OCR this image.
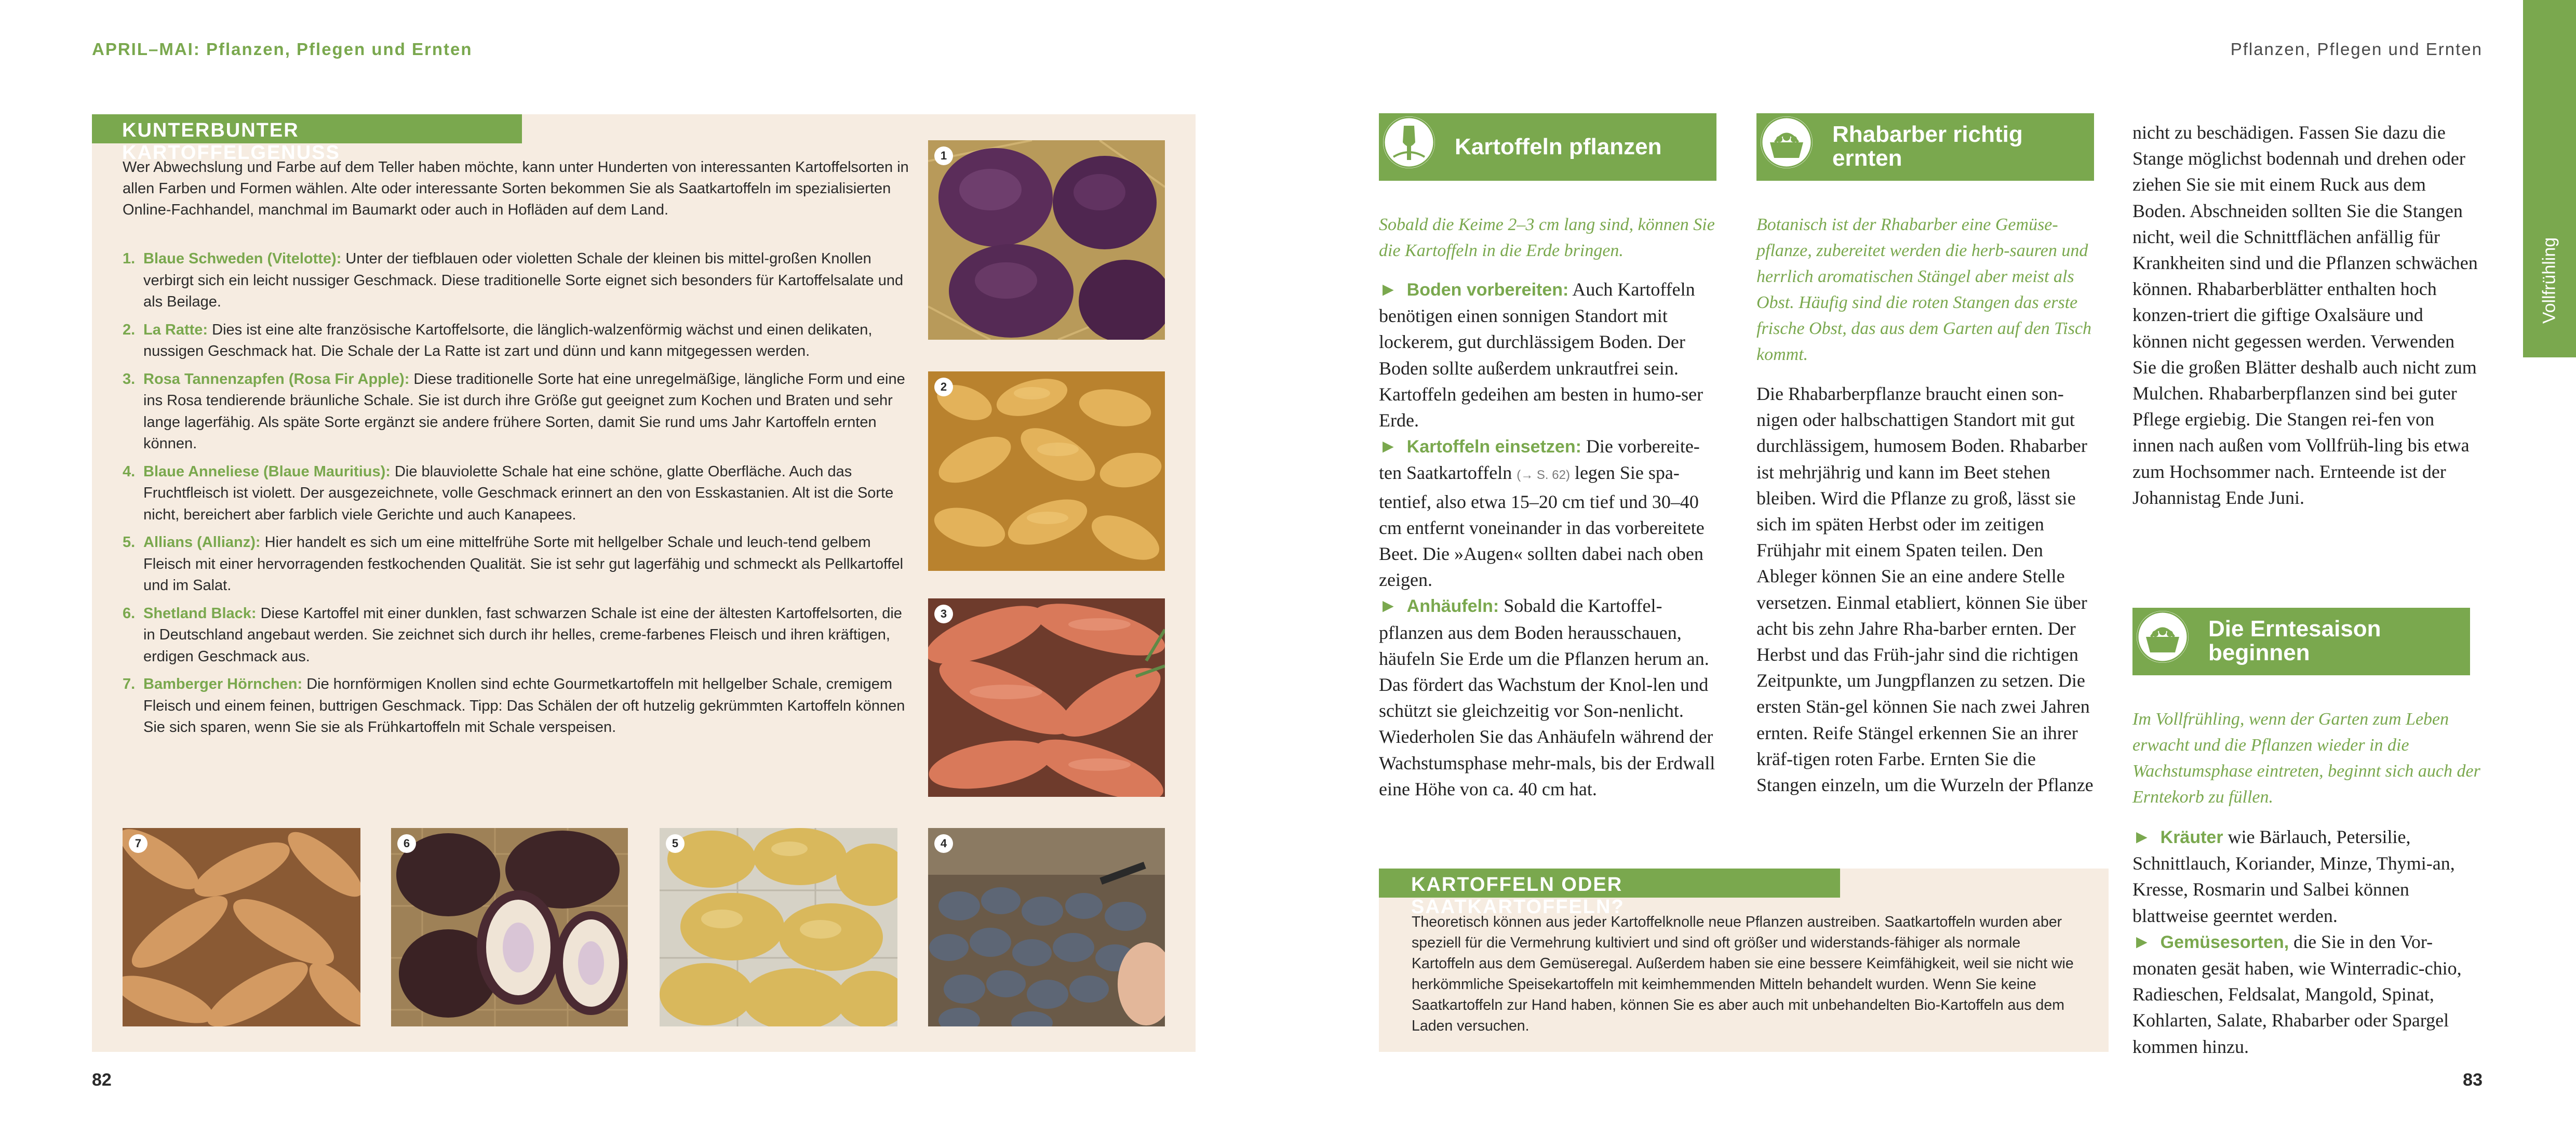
APRIL–MAI: Pflanzen, Pflegen und Ernten	Pflanzen, Pflegen und Ernten
Vollfrühling
KUNTERBUNTER KARTOFFELGENUSS
Wer Abwechslung und Farbe auf dem Teller haben möchte, kann unter Hunderten von interessanten Kartoffelsorten in allen Farben und Formen wählen. Alte oder interessante Sorten bekommen Sie als Saatkartoffeln im spezialisierten Online-Fachhandel, manchmal im Baumarkt oder auch in Hofläden auf dem Land.
1. Blaue Schweden (Vitelotte): Unter der tiefblauen oder violetten Schale der kleinen bis mittel-großen Knollen verbirgt sich ein leicht nussiger Geschmack. Diese traditionelle Sorte eignet sich besonders für Kartoffelsalate und als Beilage.
2. La Ratte: Dies ist eine alte französische Kartoffelsorte, die länglich-walzenförmig wächst und einen delikaten, nussigen Geschmack hat. Die Schale der La Ratte ist zart und dünn und kann mitgegessen werden.
3. Rosa Tannenzapfen (Rosa Fir Apple): Diese traditionelle Sorte hat eine unregelmäßige, längliche Form und eine ins Rosa tendierende bräunliche Schale. Sie ist durch ihre Größe gut geeignet zum Kochen und Braten und sehr lange lagerfähig. Als späte Sorte ergänzt sie andere frühere Sorten, damit Sie rund ums Jahr Kartoffeln ernten können.
4. Blaue Anneliese (Blaue Mauritius): Die blauviolette Schale hat eine schöne, glatte Oberfläche. Auch das Fruchtfleisch ist violett. Der ausgezeichnete, volle Geschmack erinnert an den von Esskastanien. Alt ist die Sorte nicht, bereichert aber farblich viele Gerichte und auch Kanapees.
5. Allians (Allianz): Hier handelt es sich um eine mittelfrühe Sorte mit hellgelber Schale und leuch-tend gelbem Fleisch mit einer hervorragenden festkochenden Qualität. Sie ist sehr gut lagerfähig und schmeckt als Pellkartoffel und im Salat.
6. Shetland Black: Diese Kartoffel mit einer dunklen, fast schwarzen Schale ist eine der ältesten Kartoffelsorten, die in Deutschland angebaut werden. Sie zeichnet sich durch ihr helles, creme-farbenes Fleisch und ihren kräftigen, erdigen Geschmack aus.
7. Bamberger Hörnchen: Die hornförmigen Knollen sind echte Gourmetkartoffeln mit hellgelber Schale, cremigem Fleisch und einem feinen, buttrigen Geschmack. Tipp: Das Schälen der oft hutzelig gekrümmten Kartoffeln können Sie sich sparen, wenn Sie sie als Frühkartoffeln mit Schale verspeisen.
1
2
3
7	6	5	4
82	83
Kartoffeln pflanzen
Sobald die Keime 2–3 cm lang sind, können Sie die Kartoffeln in die Erde bringen.

► Boden vorbereiten: Auch Kartoffeln benötigen einen sonnigen Standort mit lockerem, gut durchlässigem Boden. Der Boden sollte außerdem unkrautfrei sein. Kartoffeln gedeihen am besten in humo-ser Erde.

► Kartoffeln einsetzen: Die vorbereite-ten Saatkartoffeln (→ S. 62) legen Sie spa-tentief, also etwa 15–20 cm tief und 30–40 cm entfernt voneinander in das vorbereitete Beet. Die »Augen« sollten dabei nach oben zeigen.

► Anhäufeln: Sobald die Kartoffel-pflanzen aus dem Boden herausschauen, häufeln Sie Erde um die Pflanzen herum an. Das fördert das Wachstum der Knol-len und schützt sie gleichzeitig vor Son-nenlicht. Wiederholen Sie das Anhäufeln während der Wachstumsphase mehr-mals, bis der Erdwall eine Höhe von ca. 40 cm hat.

Rhabarber richtig
ernten
Botanisch ist der Rhabarber eine Gemüse-pflanze, zubereitet werden die herb-sauren und herrlich aromatischen Stängel aber meist als Obst. Häufig sind die roten Stangen das erste frische Obst, das aus dem Garten auf den Tisch kommt.
Die Rhabarberpflanze braucht einen son-nigen oder halbschattigen Standort mit gut durchlässigem, humosem Boden. Rhabarber ist mehrjährig und kann im Beet stehen bleiben. Wird die Pflanze zu groß, lässt sie sich im späten Herbst oder im zeitigen Frühjahr mit einem Spaten teilen. Den Ableger können Sie an eine andere Stelle versetzen. Einmal etabliert, können Sie über acht bis zehn Jahre Rha-barber ernten. Der Herbst und das Früh-jahr sind die richtigen Zeitpunkte, um Jungpflanzen zu setzen. Die ersten Stän-gel können Sie nach zwei Jahren ernten. Reife Stängel erkennen Sie an ihrer kräf-tigen roten Farbe. Ernten Sie die Stangen einzeln, um die Wurzeln der Pflanze
nicht zu beschädigen. Fassen Sie dazu die Stange möglichst bodennah und drehen oder ziehen Sie sie mit einem Ruck aus dem Boden. Abschneiden sollten Sie die Stangen nicht, weil die Schnittflächen anfällig für Krankheiten sind und die Pflanzen schwächen können. Rhabarberblätter enthalten hoch konzen-triert die giftige Oxalsäure und können nicht gegessen werden. Verwenden Sie die großen Blätter deshalb auch nicht zum Mulchen. Rhabarberpflanzen sind bei guter Pflege ergiebig. Die Stangen rei-fen von innen nach außen vom Vollfrüh-ling bis etwa zum Hochsommer nach. Ernteende ist der Johannistag Ende Juni.
Die Erntesaison
beginnen
Im Vollfrühling, wenn der Garten zum Leben erwacht und die Pflanzen wieder in die Wachstumsphase eintreten, beginnt sich auch der Erntekorb zu füllen.

► Kräuter wie Bärlauch, Petersilie, Schnittlauch, Koriander, Minze, Thymi-an, Kresse, Rosmarin und Salbei können blattweise geerntet werden.

► Gemüsesorten, die Sie in den Vor-monaten gesät haben, wie Winterradic-chio, Radieschen, Feldsalat, Mangold, Spinat, Kohlarten, Salate, Rhabarber oder Spargel kommen hinzu.

KARTOFFELN ODER SAATKARTOFFELN?
Theoretisch können aus jeder Kartoffelknolle neue Pflanzen austreiben. Saatkartoffeln wurden aber speziell für die Vermehrung kultiviert und sind oft größer und widerstands-fähiger als normale Kartoffeln aus dem Gemüseregal. Außerdem haben sie eine bessere Keimfähigkeit, weil sie nicht wie herkömmliche Speisekartoffeln mit keimhemmenden Mitteln behandelt wurden. Wenn Sie keine Saatkartoffeln zur Hand haben, können Sie es aber auch mit unbehandelten Bio-Kartoffeln aus dem Laden versuchen.
